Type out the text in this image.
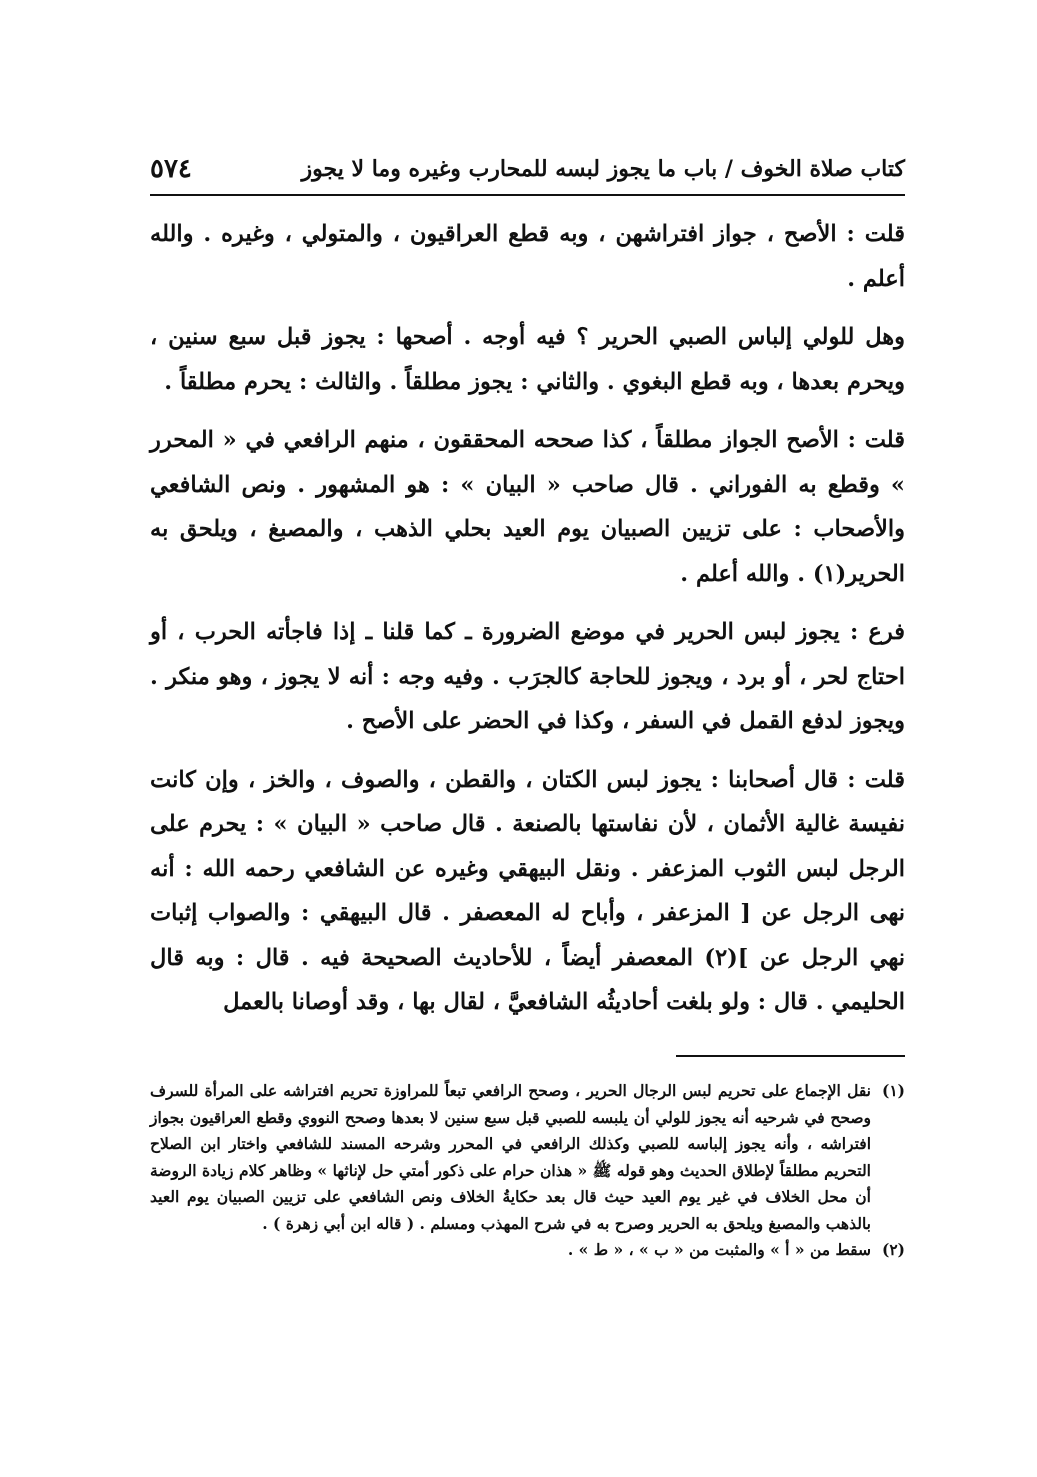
كتاب صلاة الخوف / باب ما يجوز لبسه للمحارب وغيره وما لا يجوز
٥٧٤

قلت : الأصح ، جواز افتراشهن ، وبه قطع العراقيون ، والمتولي ، وغيره . والله أعلم .

وهل للولي إلباس الصبي الحرير ؟ فيه أوجه . أصحها : يجوز قبل سبع سنين ، ويحرم بعدها ، وبه قطع البغوي . والثاني : يجوز مطلقاً . والثالث : يحرم مطلقاً .

قلت : الأصح الجواز مطلقاً ، كذا صححه المحققون ، منهم الرافعي في « المحرر » وقطع به الفوراني . قال صاحب « البيان » : هو المشهور . ونص الشافعي والأصحاب : على تزيين الصبيان يوم العيد بحلي الذهب ، والمصبغ ، ويلحق به الحرير(١) . والله أعلم .

فرع : يجوز لبس الحرير في موضع الضرورة ـ كما قلنا ـ إذا فاجأته الحرب ، أو احتاج لحر ، أو برد ، ويجوز للحاجة كالجرَب . وفيه وجه : أنه لا يجوز ، وهو منكر . ويجوز لدفع القمل في السفر ، وكذا في الحضر على الأصح .

قلت : قال أصحابنا : يجوز لبس الكتان ، والقطن ، والصوف ، والخز ، وإن كانت نفيسة غالية الأثمان ، لأن نفاستها بالصنعة . قال صاحب « البيان » : يحرم على الرجل لبس الثوب المزعفر . ونقل البيهقي وغيره عن الشافعي رحمه الله : أنه نهى الرجل عن [ المزعفر ، وأباح له المعصفر . قال البيهقي : والصواب إثبات نهي الرجل عن ](٢) المعصفر أيضاً ، للأحاديث الصحيحة فيه . قال : وبه قال الحليمي . قال : ولو بلغت أحاديثُه الشافعيَّ ، لقال بها ، وقد أوصانا بالعمل

(١)
نقل الإجماع على تحريم لبس الرجال الحرير ، وصحح الرافعي تبعاً للمراوزة تحريم افتراشه على المرأة للسرف وصحح في شرحيه أنه يجوز للولي أن يلبسه للصبي قبل سبع سنين لا بعدها وصحح النووي وقطع العراقيون بجواز افتراشه ، وأنه يجوز إلباسه للصبي وكذلك الرافعي في المحرر وشرحه المسند للشافعي واختار ابن الصلاح التحريم مطلقاً لإطلاق الحديث وهو قوله ﷺ « هذان حرام على ذكور أمتي حل لإناثها » وظاهر كلام زيادة الروضة أن محل الخلاف في غير يوم العيد حيث قال بعد حكايةُ الخلاف ونص الشافعي على تزيين الصبيان يوم العيد بالذهب والمصبغ ويلحق به الحرير وصرح به في شرح المهذب ومسلم . ( قاله ابن أبي زهرة ) .
(٢)
سقط من « أ » والمثبت من « ب » ، « ط » .
